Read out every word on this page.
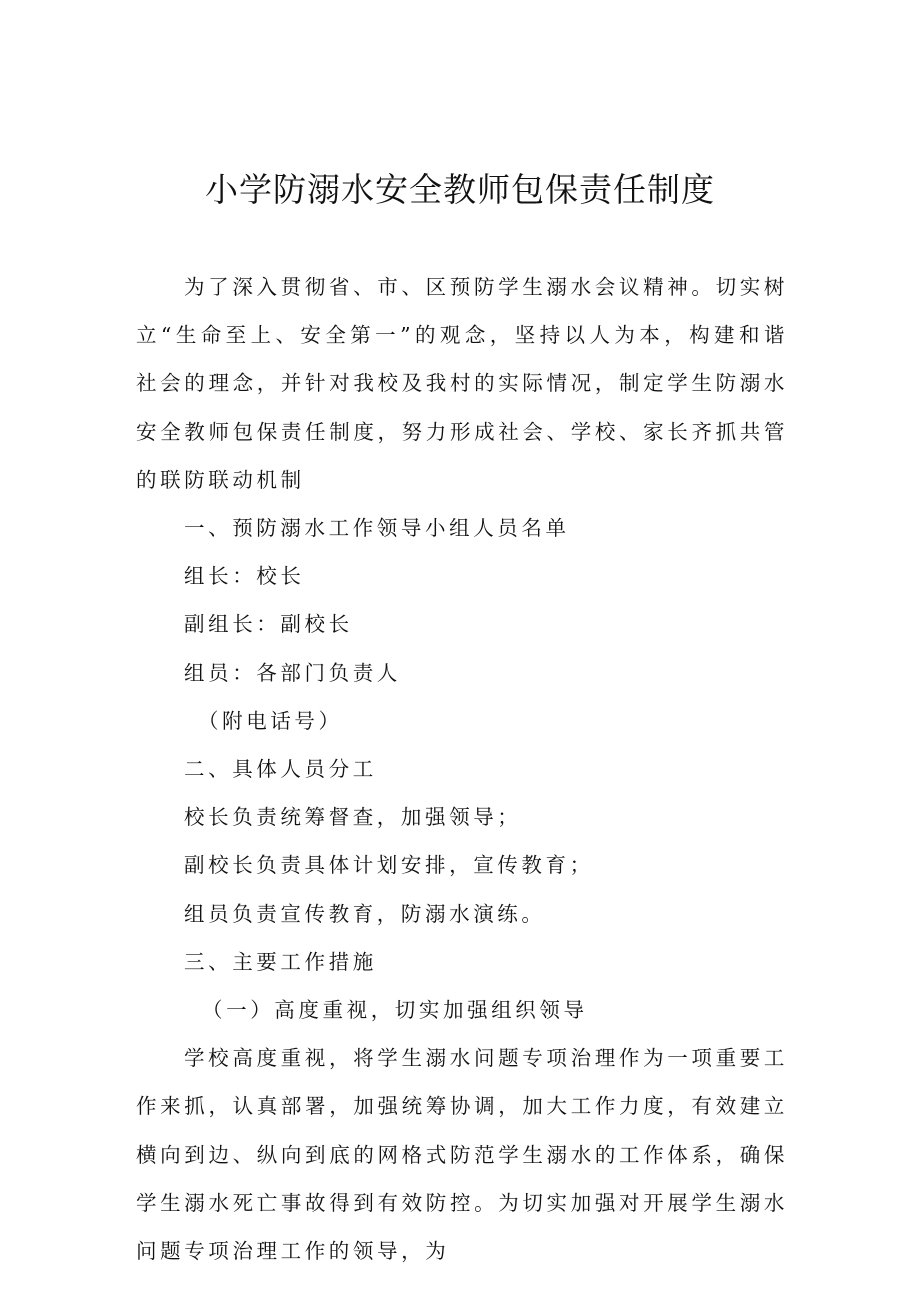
小学防溺水安全教师包保责任制度

为了深入贯彻省、市、区预防学生溺水会议精神。切实树立“生命至上、安全第一”的观念，坚持以人为本，构建和谐社会的理念，并针对我校及我村的实际情况，制定学生防溺水安全教师包保责任制度，努力形成社会、学校、家长齐抓共管的联防联动机制

一、预防溺水工作领导小组人员名单

组长：校长

副组长：副校长

组员：各部门负责人

（附电话号）

二、具体人员分工

校长负责统筹督查，加强领导；

副校长负责具体计划安排，宣传教育；

组员负责宣传教育，防溺水演练。

三、主要工作措施

（一）高度重视，切实加强组织领导

学校高度重视，将学生溺水问题专项治理作为一项重要工作来抓，认真部署，加强统筹协调，加大工作力度，有效建立横向到边、纵向到底的网格式防范学生溺水的工作体系，确保学生溺水死亡事故得到有效防控。为切实加强对开展学生溺水问题专项治理工作的领导，为
